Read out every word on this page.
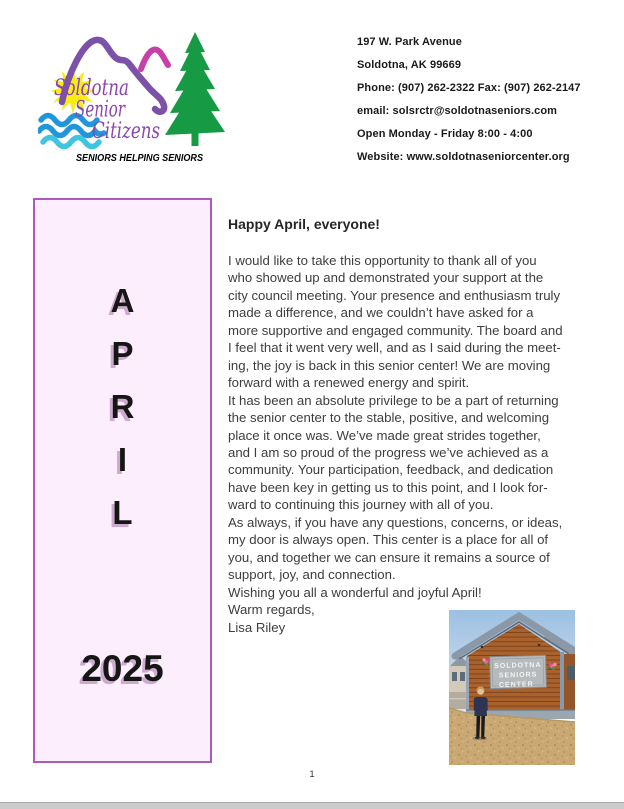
Soldotna
Senior
Citizens
SENIORS HELPING SENIORS
197 W. Park Avenue
Soldotna, AK 99669
Phone: (907) 262-2322 Fax: (907) 262-2147
email: solsrctr@soldotnaseniors.com
Open Monday - Friday 8:00 - 4:00
Website: www.soldotnaseniorcenter.org
A
P
R
I
L
2025
Happy April, everyone!
I would like to take this opportunity to thank all of you
who showed up and demonstrated your support at the
city council meeting. Your presence and enthusiasm truly
made a difference, and we couldn’t have asked for a
more supportive and engaged community. The board and
I feel that it went very well, and as I said during the meet-
ing, the joy is back in this senior center! We are moving
forward with a renewed energy and spirit.
It has been an absolute privilege to be a part of returning
the senior center to the stable, positive, and welcoming
place it once was. We’ve made great strides together,
and I am so proud of the progress we’ve achieved as a
community. Your participation, feedback, and dedication
have been key in getting us to this point, and I look for-
ward to continuing this journey with all of you.
As always, if you have any questions, concerns, or ideas,
my door is always open. This center is a place for all of
you, and together we can ensure it remains a source of
support, joy, and connection.
Wishing you all a wonderful and joyful April!
Warm regards,
Lisa Riley
SOLDOTNA
SENIORS
CENTER
1
